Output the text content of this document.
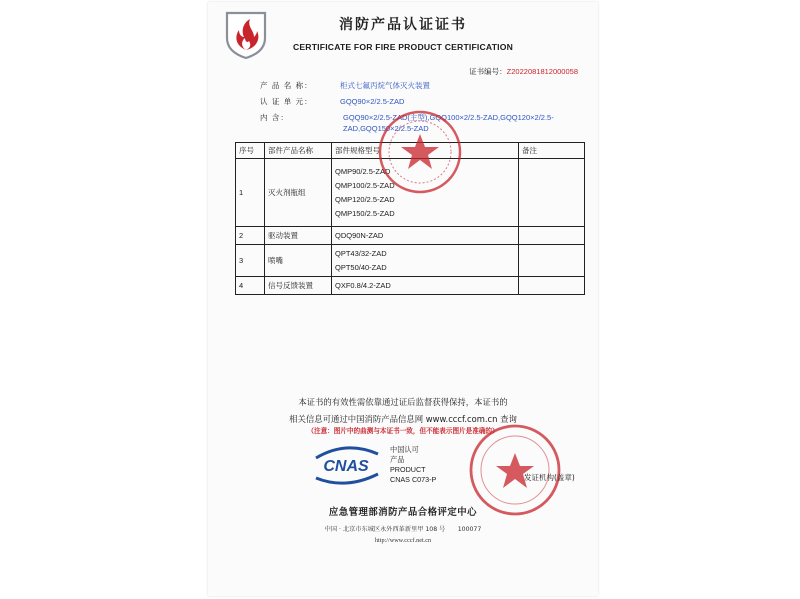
消防产品认证证书
CERTIFICATE FOR FIRE PRODUCT CERTIFICATION
证书编号：Z2022081812000058
产 品 名 称：	柜式七氟丙烷气体灭火装置
认 证 单 元：	GQQ90×2/2.5-ZAD
内 含：	GQQ90×2/2.5-ZAD(主型),GQQ100×2/2.5-ZAD,GQQ120×2/2.5-ZAD,GQQ150×2/2.5-ZAD
序号	部件产品名称	部件规格型号	备注
1	灭火剂瓶组	QMP90/2.5-ZAD
QMP100/2.5-ZAD
QMP120/2.5-ZAD
QMP150/2.5-ZAD	

2	驱动装置	QDQ90N-ZAD	

3	喷嘴	QPT43/32-ZAD
QPT50/40-ZAD	

4	信号反馈装置	QXF0.8/4.2-ZAD	

本证书的有效性需依靠通过证后监督获得保持，本证书的
相关信息可通过中国消防产品信息网 www.cccf.com.cn 查询
（注意：图片中的曲测与本证书一致，但不能表示图片是准确的）
CNAS
中国认可
产品
PRODUCT
CNAS C073-P	发证机构(盖章)
应急管理部消防产品合格评定中心
中国 · 北京市东城区永外西革新里甲 108 号　　100077
http://www.cccf.net.cn
